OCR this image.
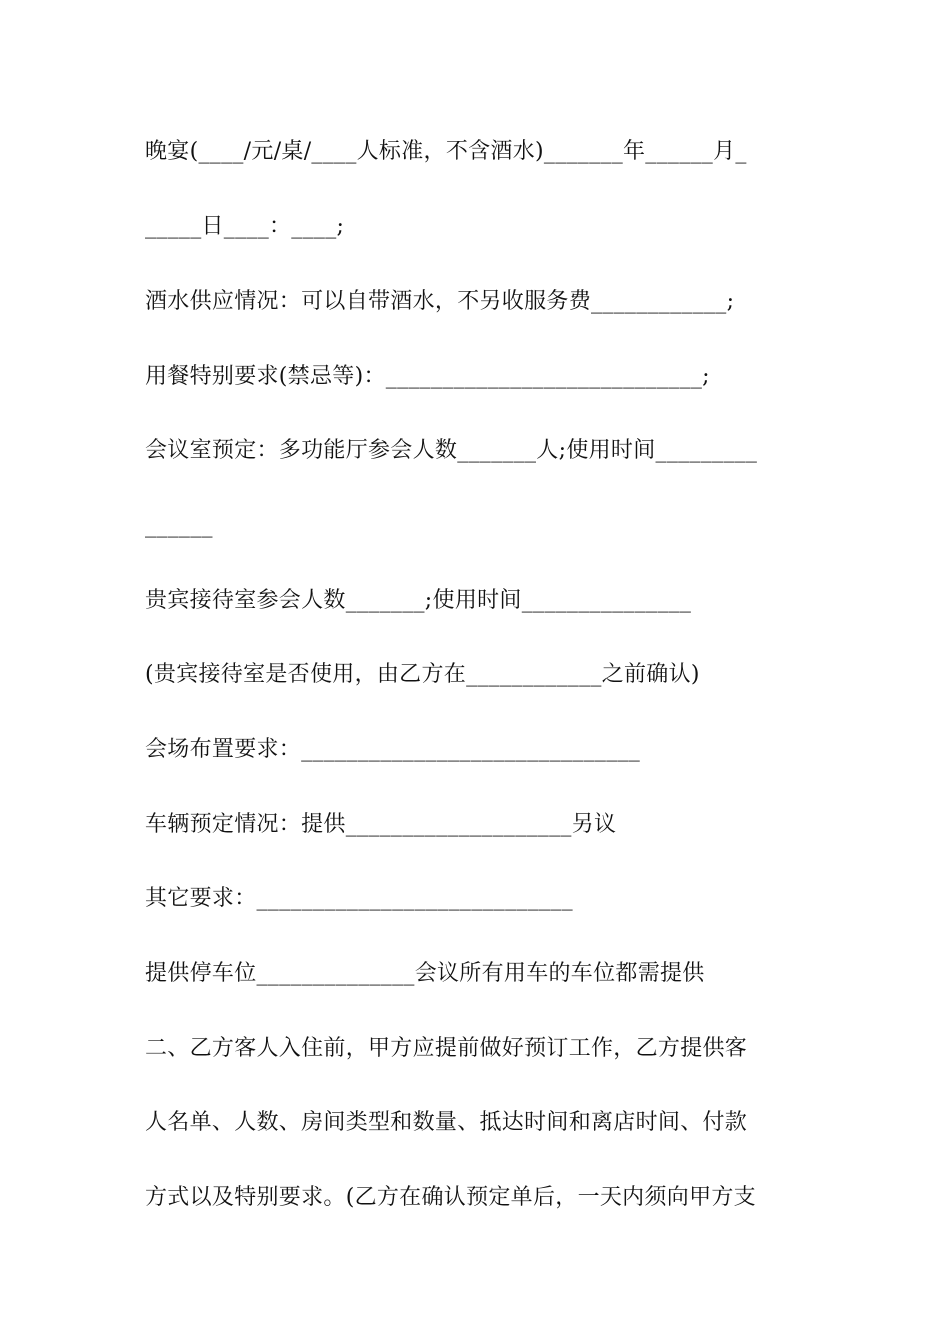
晚宴(____/元/桌/____人标准，不含酒水)_______年______月_
_____日____：____;
酒水供应情况：可以自带酒水，不另收服务费____________;
用餐特别要求(禁忌等)：____________________________;
会议室预定：多功能厅参会人数_______人;使用时间_________
______
贵宾接待室参会人数_______;使用时间_______________
(贵宾接待室是否使用，由乙方在____________之前确认)
会场布置要求：______________________________
车辆预定情况：提供____________________另议
其它要求：____________________________
提供停车位______________会议所有用车的车位都需提供
二、乙方客人入住前，甲方应提前做好预订工作，乙方提供客
人名单、人数、房间类型和数量、抵达时间和离店时间、付款
方式以及特别要求。(乙方在确认预定单后，一天内须向甲方支
